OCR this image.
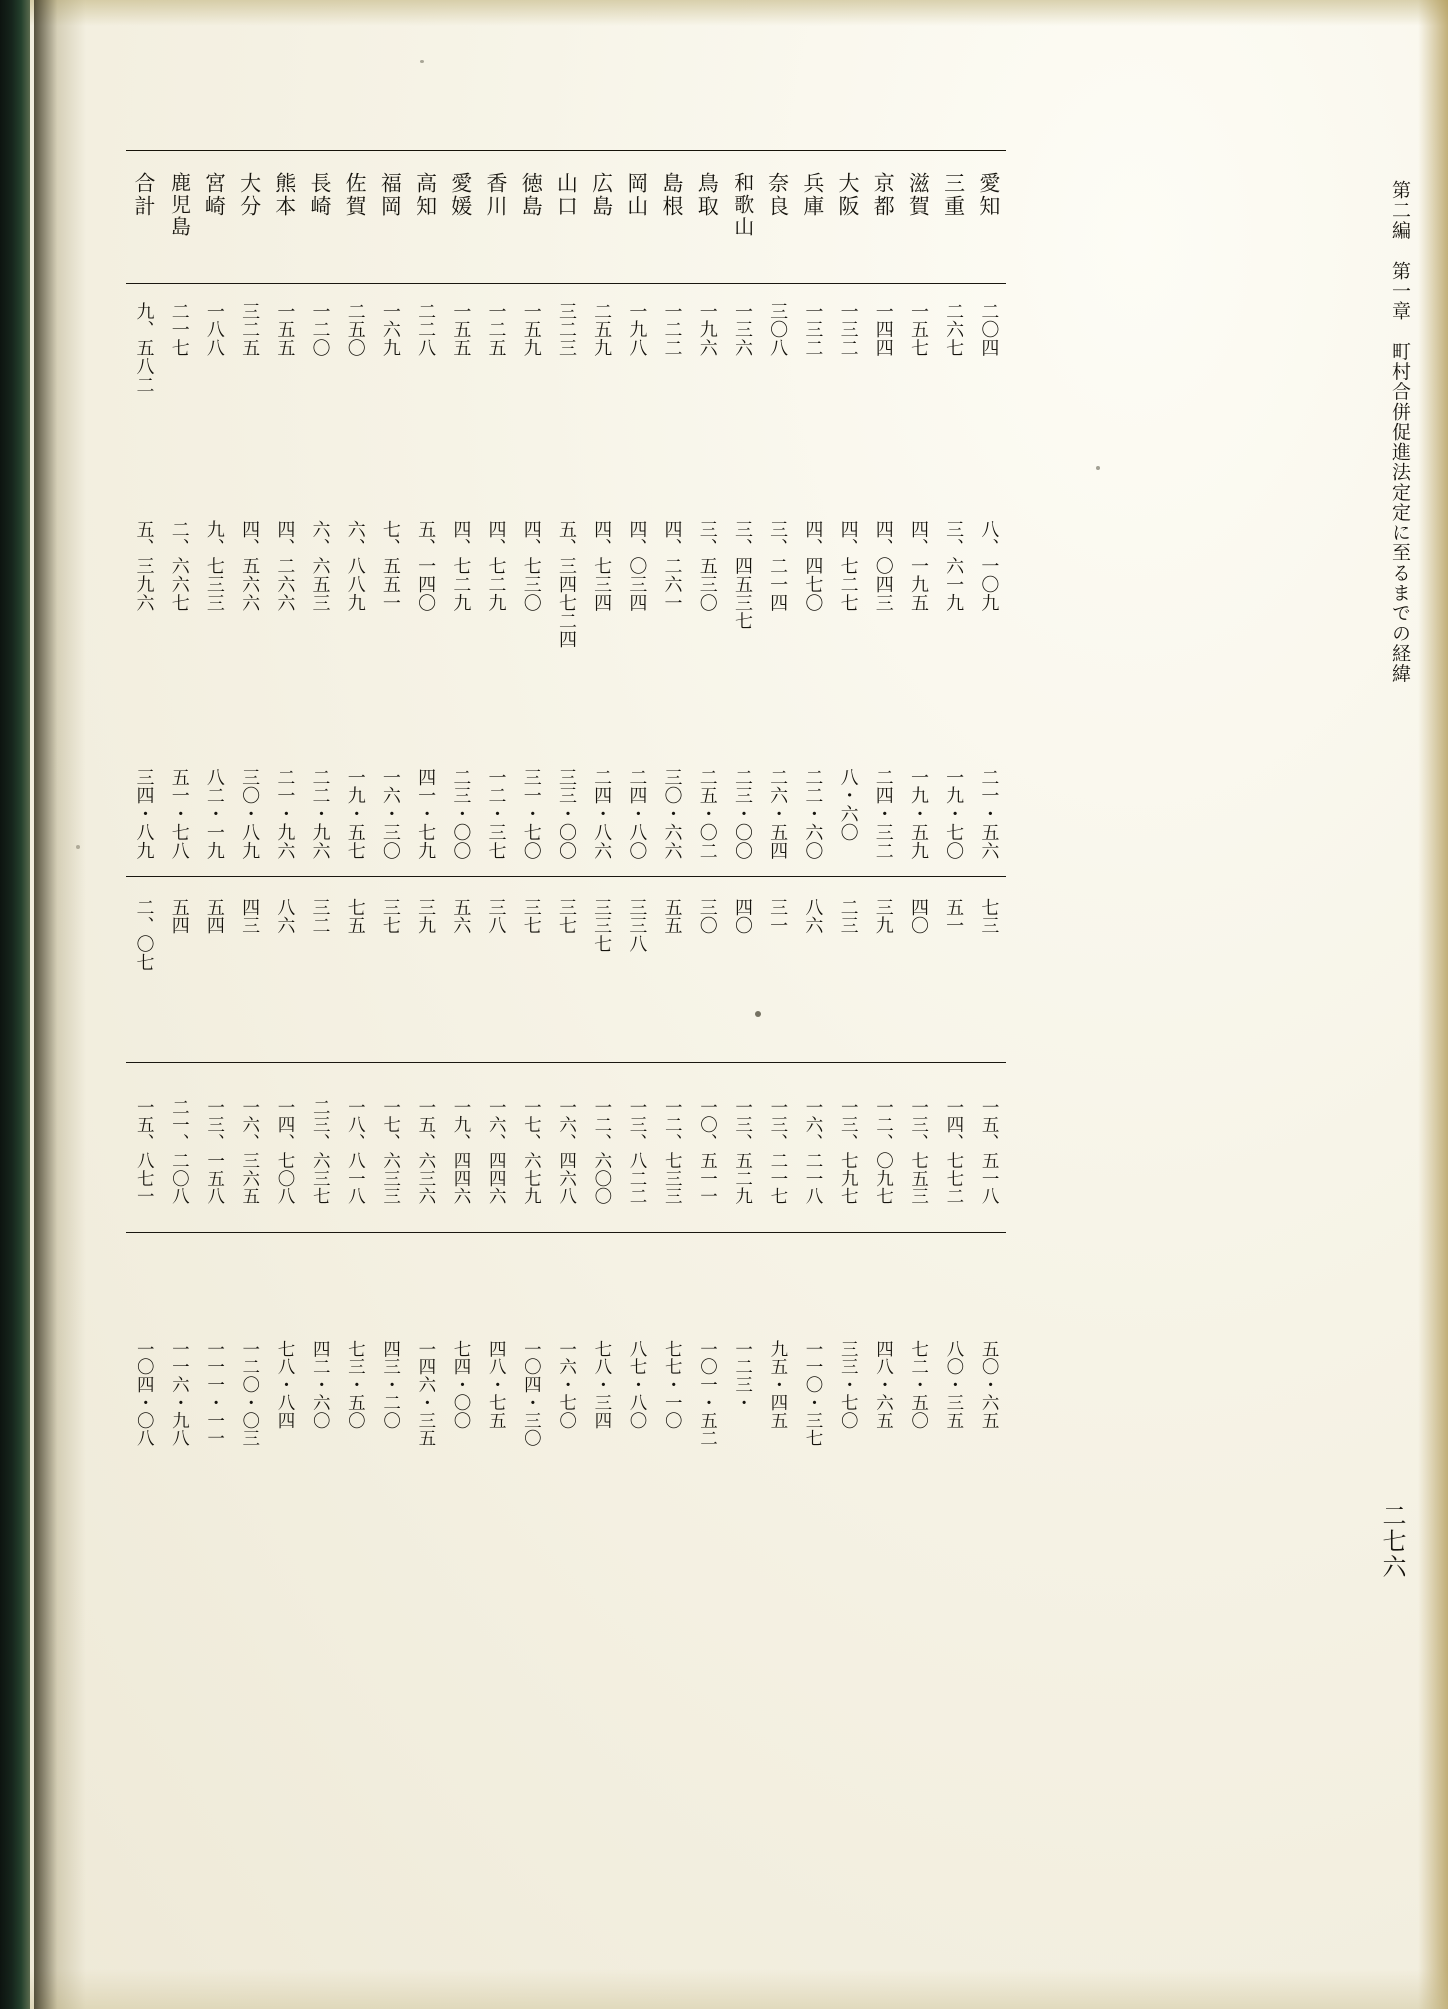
第二編　第一章　町村合併促進法定定に至るまでの経緯
二七六
愛知
三重
滋賀
京都
大阪
兵庫
奈良
和歌山
鳥取
島根
岡山
広島
山口
徳島
香川
愛媛
高知
福岡
佐賀
長崎
熊本
大分
宮崎
鹿児島
合計
二〇四
二六七
一五七
一四四
一三二
一三二
三〇八
一三六
一九六
一二二
一九八
二五九
三二三
一五九
一二五
一五五
二二八
一六九
二五〇
一二〇
一五五
三二五
一八八
二一七
九、五八二
八、一〇九
三、六一九
四、一九五
四、〇四三
四、七二七
四、四七〇
三、二一四
三、四五三七
三、五三〇
四、二六一
四、〇三四
四、七三四
五、三四七二四
四、七三〇
四、七二九
四、七二九
五、一四〇
七、五五一
六、八八九
六、六五三
四、二六六
四、五六六
九、七三三
二、六六七
五、三九六
二一・五六
一九・七〇
一九・五九
二四・三二
八・六〇
二二・六〇
二六・五四
二三・〇〇
二五・〇二
三〇・六六
二四・八〇
二四・八六
三三・〇〇
三一・七〇
一二・三七
二三・〇〇
四一・七九
一六・三〇
一九・五七
二二・九六
二一・九六
三〇・八九
八二・一九
五一・七八
三四・八九
七三
五一
四〇
三九
二三
八六
三一
四〇
三〇
五五
三三八
三三七
三七
三七
三八
五六
三九
三七
七五
三二
八六
四三
五四
五四
二、〇七
一五、五一八
一四、七七二
一三、七五三
一二、〇九七
一三、七九七
一六、二一八
一三、二一七
一三、五二九
一〇、五一一
一二、七三三
一三、八二二
一二、六〇〇
一六、四六八
一七、六七九
一六、四四六
一九、四四六
一五、六三六
一七、六三三
一八、八一八
二三、六三七
一四、七〇八
一六、三六五
一三、一五八
二一、二〇八
一五、八七一
五〇・六五
八〇・三五
七二・五〇
四八・六五
三三・七〇
一一〇・三七
九五・四五
一二三・
一〇一・五二
七七・一〇
八七・八〇
七八・三四
一六・七〇
一〇四・三〇
四八・七五
七四・〇〇
一四六・三五
四三・二〇
七三・五〇
四二・六〇
七八・八四
一二〇・〇三
一一一・一一
一一六・九八
一〇四・〇八
